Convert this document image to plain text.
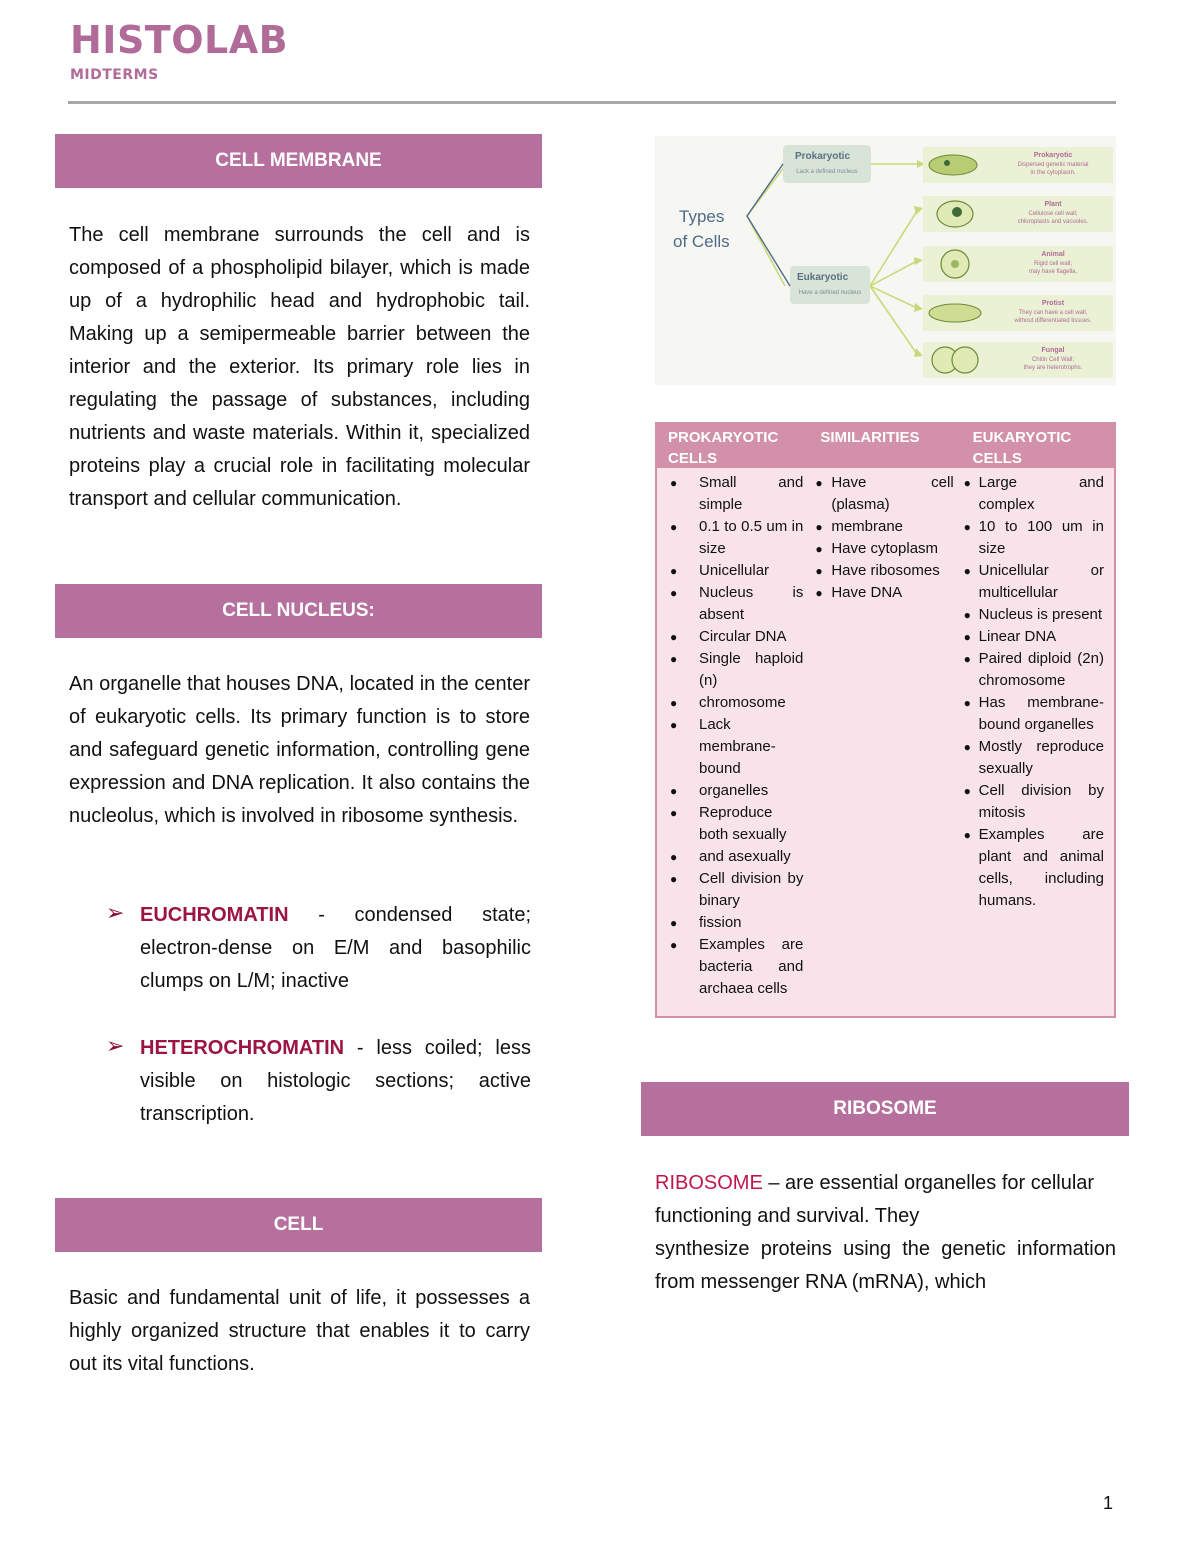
HISTOLAB
MIDTERMS
CELL MEMBRANE

The cell membrane surrounds the cell and is composed of a phospholipid bilayer, which is made up of a hydrophilic head and hydrophobic tail. Making up a semipermeable barrier between the interior and the exterior. Its primary role lies in regulating the passage of substances, including nutrients and waste materials. Within it, specialized proteins play a crucial role in facilitating molecular transport and cellular communication.

CELL NUCLEUS:

An organelle that houses DNA, located in the center of eukaryotic cells. Its primary function is to store and safeguard genetic information, controlling gene expression and DNA replication. It also contains the nucleolus, which is involved in ribosome synthesis.

➢ EUCHROMATIN - condensed state; electron-dense on E/M and basophilic clumps on L/M; inactive
➢ HETEROCHROMATIN - less coiled; less visible on histologic sections; active transcription.
CELL

Basic and fundamental unit of life, it possesses a highly organized structure that enables it to carry out its vital functions.

Types
of Cells
Prokaryotic
Lack a defined nucleus
Eukaryotic
Have a defined nucleus
Prokaryotic
Dispersed genetic material
in the cytoplasm.
Plant
Cellulose cell wall;
chloroplasts and vacuoles.
Animal
Rigid cell wall;
may have flagella.
Protist
They can have a cell wall,
without differentiated tissues.
Fungal
Chitin Cell Wall;
they are heterotrophs.
PROKARYOTIC CELLS
SIMILARITIES	EUKARYOTIC CELLS
● Small and simple
● 0.1 to 0.5 um in size
● Unicellular
● Nucleus is absent
● Circular DNA
● Single haploid (n)
● chromosome
● Lack membrane-bound
● organelles
● Reproduce both sexually
● and asexually
● Cell division by binary
● fission
● Examples are bacteria and archaea cells
● Have cell (plasma)
● membrane
● Have cytoplasm
● Have ribosomes
● Have DNA
● Large and complex
● 10 to 100 um in size
● Unicellular or multicellular
● Nucleus is present
● Linear DNA
● Paired diploid (2n) chromosome
● Has membrane-bound organelles
● Mostly reproduce sexually
● Cell division by mitosis
● Examples are plant and animal cells, including humans.
RIBOSOME
RIBOSOME – are essential organelles for cellular functioning and survival. They

synthesize proteins using the genetic information from messenger RNA (mRNA), which

1
